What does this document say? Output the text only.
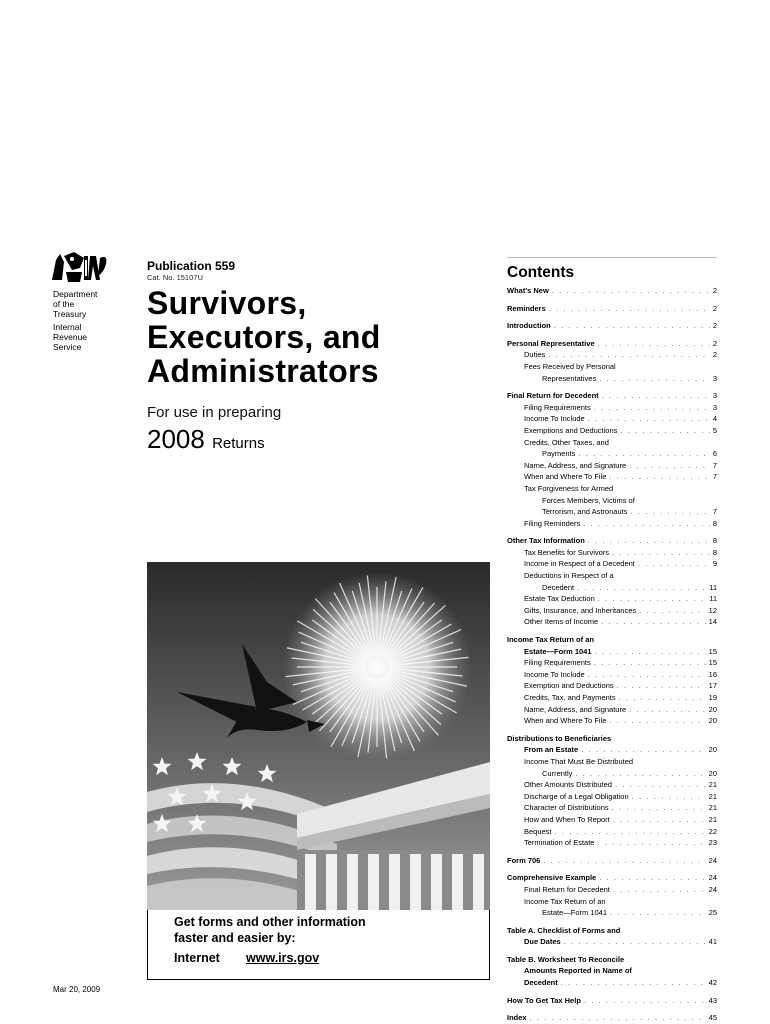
Department
of the
Treasury
Internal
Revenue
Service
Publication 559
Cat. No. 15107U
Survivors,
Executors, and
Administrators
For use in preparing
2008 Returns
Get forms and other information
faster and easier by:
Internet www.irs.gov
Mar 20, 2009
Contents
What's New . . .	2
Reminders . . .	2
Introduction . . .	2
Personal Representative . . .	2
Duties . . .	2
Fees Received by Personal
Representatives . . .	3
Final Return for Decedent . . .	3
Filing Requirements . . .	3
Income To Include . . .	4
Exemptions and Deductions . . .	5
Credits, Other Taxes, and
Payments . . .	6
Name, Address, and Signature . . .	7
When and Where To File . . .	7
Tax Forgiveness for Armed
Forces Members, Victims of
Terrorism, and Astronauts . . .	7
Filing Reminders . . .	8
Other Tax Information . . .	8
Tax Benefits for Survivors . . .	8
Income in Respect of a Decedent . . .	9
Deductions in Respect of a
Decedent . . .	11
Estate Tax Deduction . . .	11
Gifts, Insurance, and Inheritances . . .	12
Other Items of Income . . .	14
Income Tax Return of an
Estate—Form 1041 . . .	15
Filing Requirements . . .	15
Income To Include . . .	16
Exemption and Deductions . . .	17
Credits, Tax, and Payments . . .	19
Name, Address, and Signature . . .	20
When and Where To File . . .	20
Distributions to Beneficiaries
From an Estate . . .	20
Income That Must Be Distributed
Currently . . .	20
Other Amounts Distributed . . .	21
Discharge of a Legal Obligation . . .	21
Character of Distributions . . .	21
How and When To Report . . .	21
Bequest . . .	22
Termination of Estate . . .	23
Form 706 . . .	24
Comprehensive Example . . .	24
Final Return for Decedent . . .	24
Income Tax Return of an
Estate—Form 1041 . . .	25
Table A. Checklist of Forms and
Due Dates . . .	41
Table B. Worksheet To Reconcile
Amounts Reported in Name of
Decedent . . .	42
How To Get Tax Help . . .	43
Index . . .	45
